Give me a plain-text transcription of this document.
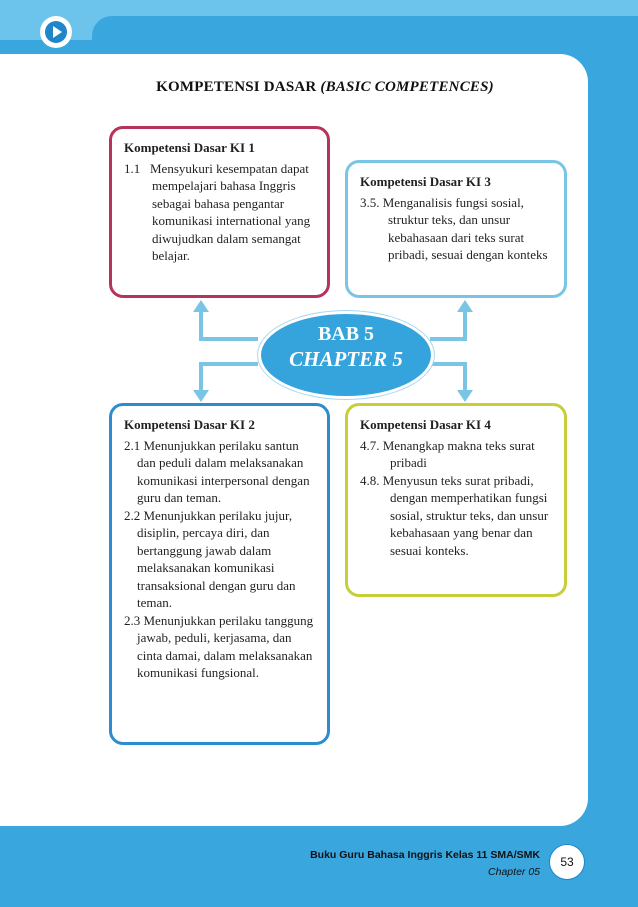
KOMPETENSI DASAR (BASIC COMPETENCES)
Kompetensi Dasar KI 1
1.1   Mensyukuri kesempatan dapat mempelajari bahasa Inggris sebagai bahasa pengantar komunikasi international yang diwujudkan dalam semangat belajar.
Kompetensi Dasar KI 3
3.5. Menganalisis fungsi sosial, struktur teks, dan unsur kebahasaan dari teks surat pribadi, sesuai dengan konteks
BAB 5
CHAPTER 5
Kompetensi Dasar KI 2
2.1 Menunjukkan perilaku santun dan peduli dalam melaksanakan komunikasi interpersonal dengan guru dan teman.
2.2 Menunjukkan perilaku jujur, disiplin, percaya diri, dan bertanggung jawab dalam melaksanakan komunikasi transaksional dengan guru dan teman.
2.3 Menunjukkan perilaku tanggung jawab, peduli, kerjasama, dan cinta damai, dalam melaksanakan komunikasi fungsional.
Kompetensi Dasar KI 4
4.7. Menangkap makna teks surat pribadi
4.8. Menyusun teks surat pribadi, dengan memperhatikan fungsi sosial, struktur teks, dan unsur kebahasaan yang benar dan sesuai konteks.
Buku Guru Bahasa Inggris Kelas 11 SMA/SMK
Chapter 05
53
